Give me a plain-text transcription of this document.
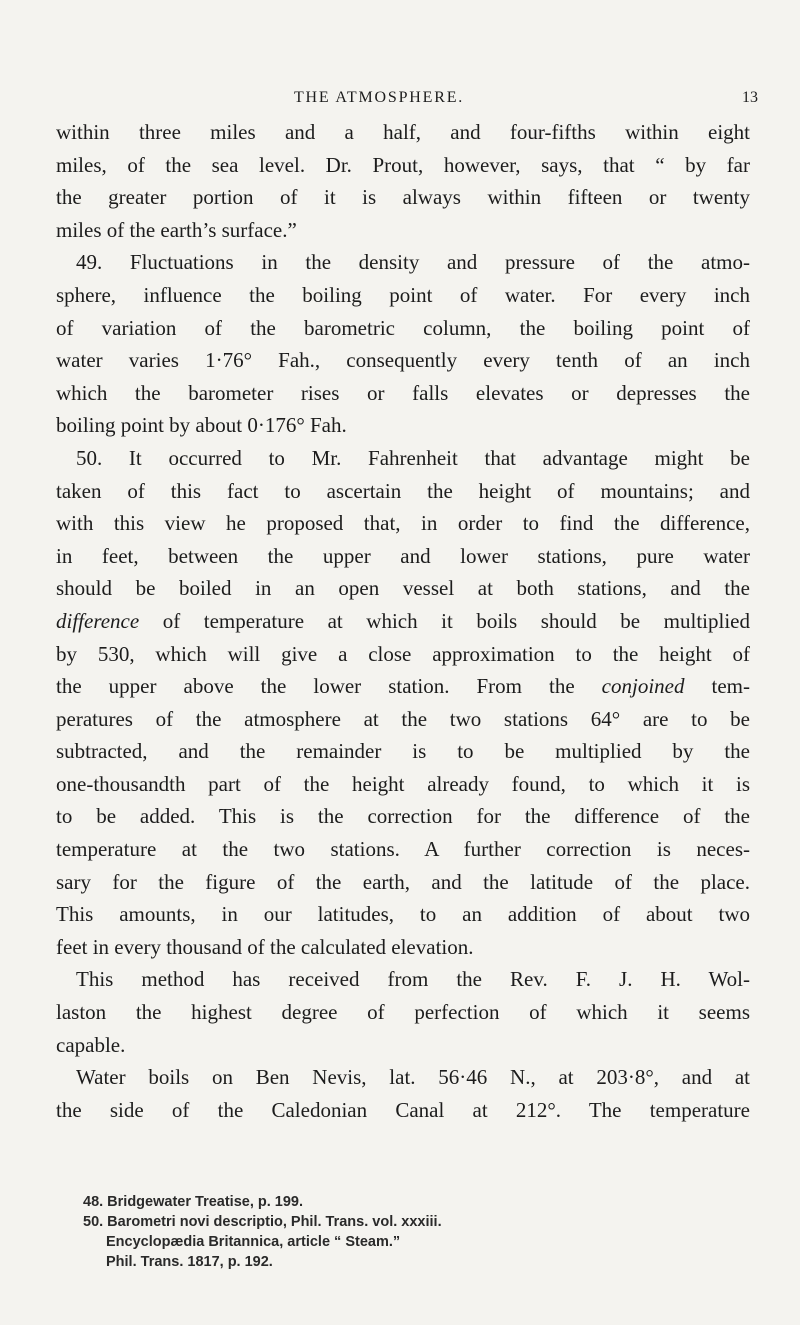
THE ATMOSPHERE.	13
within three miles and a half, and four-fifths within eight
miles, of the sea level. Dr. Prout, however, says, that “ by far
the greater portion of it is always within fifteen or twenty
miles of the earth’s surface.”
49. Fluctuations in the density and pressure of the atmo-
sphere, influence the boiling point of water. For every inch
of variation of the barometric column, the boiling point of
water varies 1·76° Fah., consequently every tenth of an inch
which the barometer rises or falls elevates or depresses the
boiling point by about 0·176° Fah.
50. It occurred to Mr. Fahrenheit that advantage might be
taken of this fact to ascertain the height of mountains; and
with this view he proposed that, in order to find the difference,
in feet, between the upper and lower stations, pure water
should be boiled in an open vessel at both stations, and the
difference of temperature at which it boils should be multiplied
by 530, which will give a close approximation to the height of
the upper above the lower station. From the conjoined tem-
peratures of the atmosphere at the two stations 64° are to be
subtracted, and the remainder is to be multiplied by the
one-thousandth part of the height already found, to which it is
to be added. This is the correction for the difference of the
temperature at the two stations. A further correction is neces-
sary for the figure of the earth, and the latitude of the place.
This amounts, in our latitudes, to an addition of about two
feet in every thousand of the calculated elevation.
This method has received from the Rev. F. J. H. Wol-
laston the highest degree of perfection of which it seems
capable.
Water boils on Ben Nevis, lat. 56·46 N., at 203·8°, and at
the side of the Caledonian Canal at 212°. The temperature
48. Bridgewater Treatise, p. 199.
50. Barometri novi descriptio, Phil. Trans. vol. xxxiii.
Encyclopædia Britannica, article “ Steam.”
Phil. Trans. 1817, p. 192.
